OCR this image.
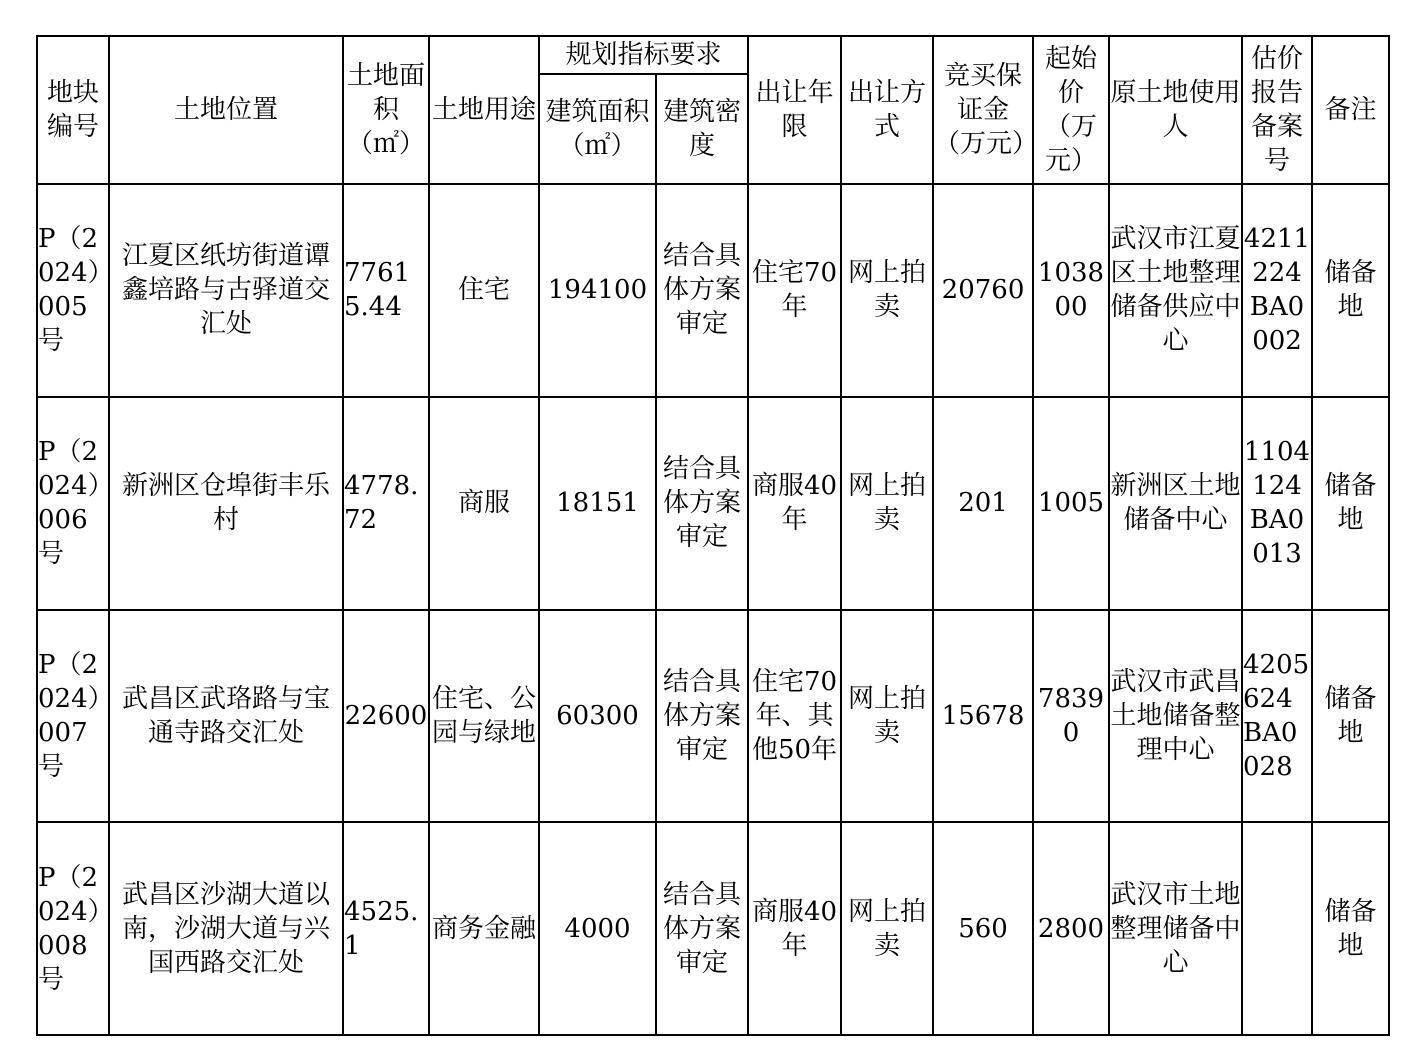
地块编号	土地位置	土地面积（㎡）	土地用途	规划指标要求		出让年限	出让方式	竞买保证金（万元）	起始价（万元）	原土地使用人	估价报告备案号	备注
				建筑面积（㎡）	建筑密度							
P（2024）005号	江夏区纸坊街道谭鑫培路与古驿道交汇处	77615.44	住宅	194100	结合具体方案审定	住宅70年	网上拍卖	20760	103800	武汉市江夏区土地整理储备供应中心	4211224BA0002	储备地
P（2024）006号	新洲区仓埠街丰乐村	4778.72	商服	18151	结合具体方案审定	商服40年	网上拍卖	201	1005	新洲区土地储备中心	1104124BA0013	储备地
P（2024）007号	武昌区武珞路与宝通寺路交汇处	22600	住宅、公园与绿地	60300	结合具体方案审定	住宅70年、其他50年	网上拍卖	15678	78390	武汉市武昌土地储备整理中心	4205624BA0028	储备地
P（2024）008号	武昌区沙湖大道以南，沙湖大道与兴国西路交汇处	4525.1	商务金融	4000	结合具体方案审定	商服40年	网上拍卖	560	2800	武汉市土地整理储备中心		储备地
